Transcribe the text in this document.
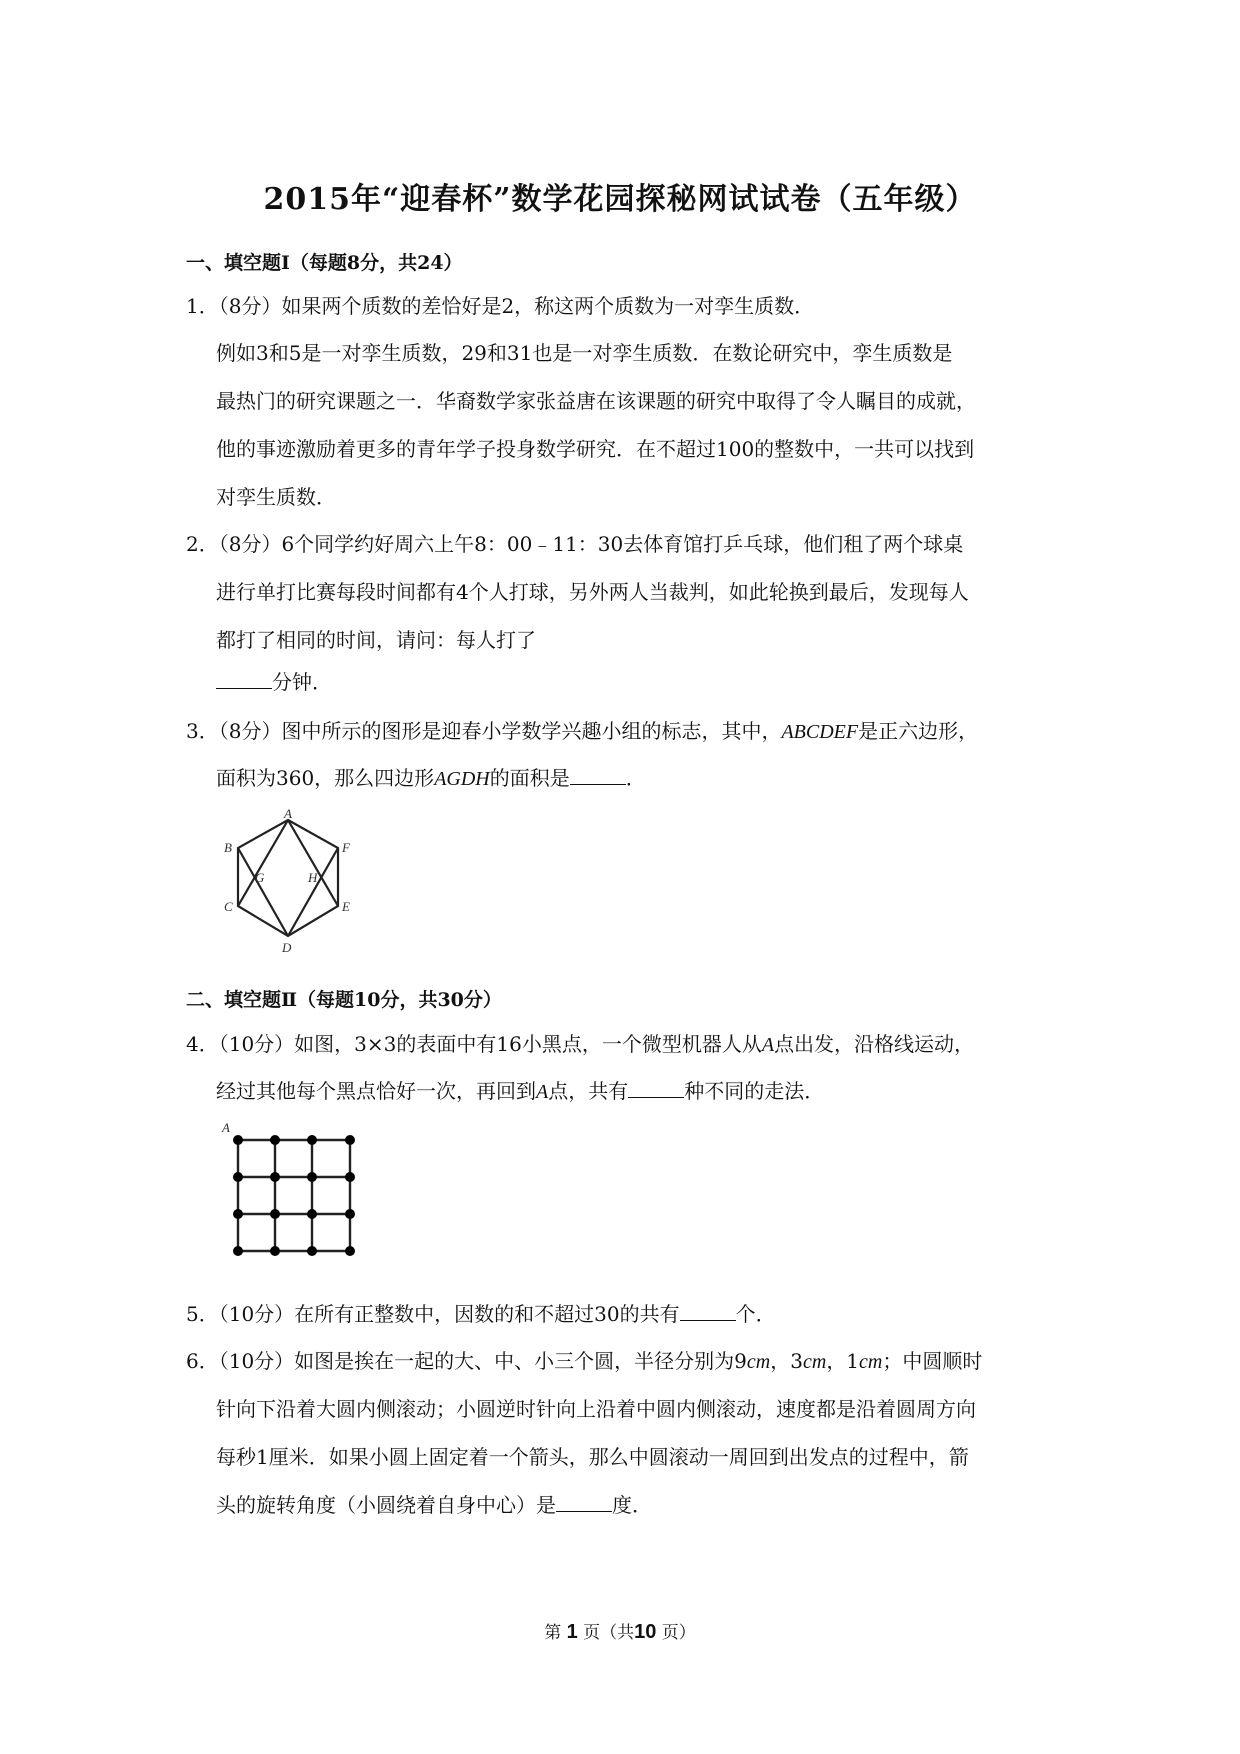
2015年“迎春杯”数学花园探秘网试试卷（五年级）
一、填空题Ⅰ（每题8分，共24）
1．（8分）如果两个质数的差恰好是2，称这两个质数为一对孪生质数．
例如3和5是一对孪生质数，29和31也是一对孪生质数．在数论研究中，孪生质数是
最热门的研究课题之一．华裔数学家张益唐在该课题的研究中取得了令人瞩目的成就，
他的事迹激励着更多的青年学子投身数学研究．在不超过100的整数中，一共可以找到
对孪生质数．
2．（8分）6个同学约好周六上午8：00﹣11：30去体育馆打乒乓球，他们租了两个球桌
进行单打比赛每段时间都有4个人打球，另外两人当裁判，如此轮换到最后，发现每人
都打了相同的时间，请问：每人打了
分钟．
3．（8分）图中所示的图形是迎春小学数学兴趣小组的标志，其中，ABCDEF是正六边形，
面积为360，那么四边形AGDH的面积是	．
A
B
C
D
E
F
G	H
二、填空题Ⅱ（每题10分，共30分）
4．（10分）如图，3×3的表面中有16小黑点，一个微型机器人从A点出发，沿格线运动，
经过其他每个黑点恰好一次，再回到A点，共有	种不同的走法．
A
5．（10分）在所有正整数中，因数的和不超过30的共有	个．
6．（10分）如图是挨在一起的大、中、小三个圆，半径分别为9cm，3cm，1cm；中圆顺时
针向下沿着大圆内侧滚动；小圆逆时针向上沿着中圆内侧滚动，速度都是沿着圆周方向
每秒1厘米．如果小圆上固定着一个箭头，那么中圆滚动一周回到出发点的过程中，箭
头的旋转角度（小圆绕着自身中心）是	度．
第 1 页（共10 页）
